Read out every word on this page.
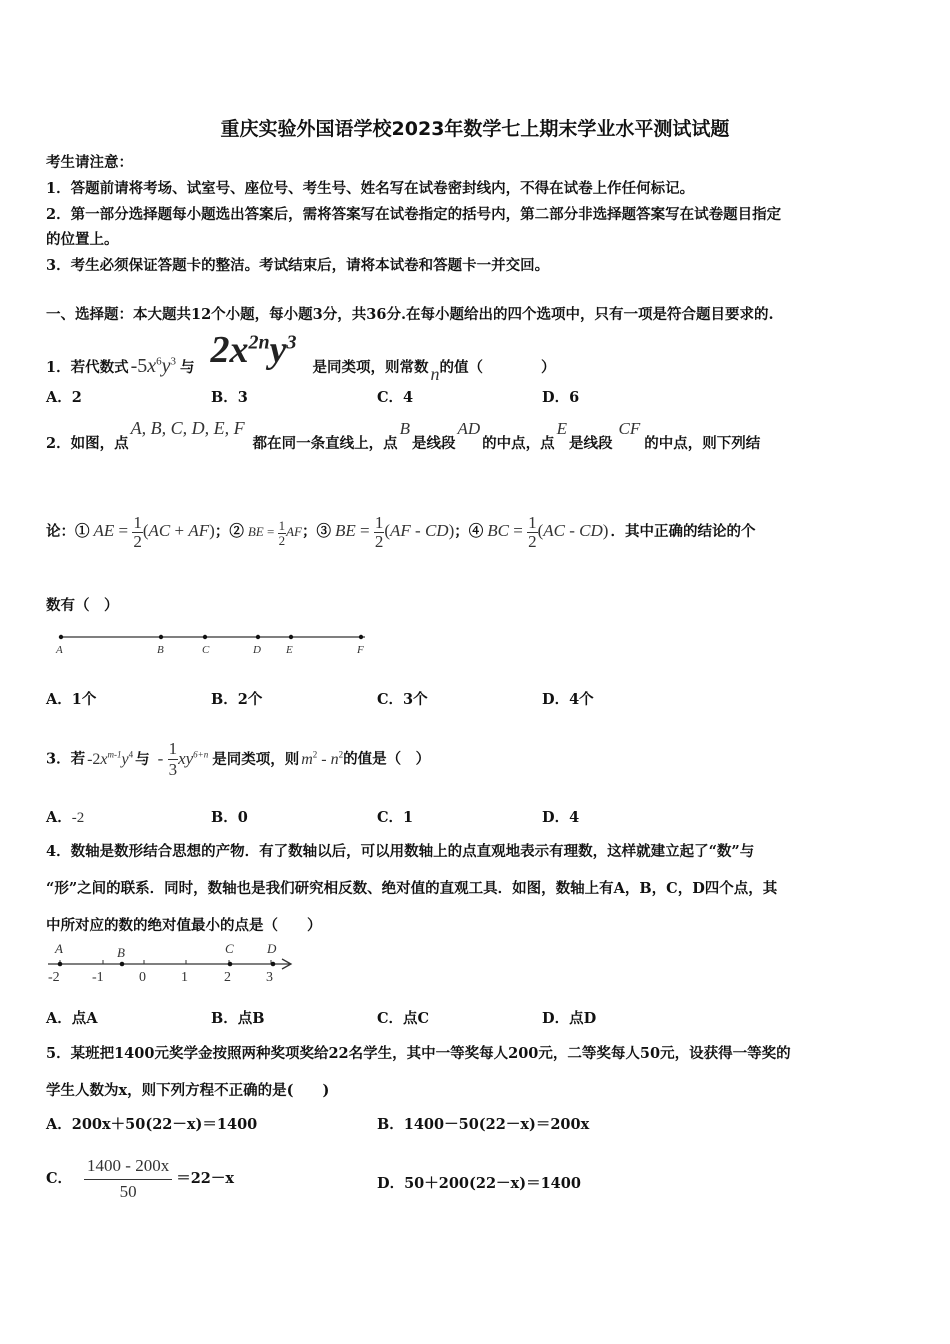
重庆实验外国语学校2023年数学七上期末学业水平测试试题
考生请注意：
1．答题前请将考场、试室号、座位号、考生号、姓名写在试卷密封线内，不得在试卷上作任何标记。
2．第一部分选择题每小题选出答案后，需将答案写在试卷指定的括号内，第二部分非选择题答案写在试卷题目指定
的位置上。
3．考生必须保证答题卡的整洁。考试结束后，请将本试卷和答题卡一并交回。
一、选择题：本大题共12个小题，每小题3分，共36分.在每小题给出的四个选项中，只有一项是符合题目要求的.
1．若代数式 $-5x^6y^3$ 与 $2x^{2n}y^3$是同类项，则常数 n的值（　　　　）
A．2	B．3	C．4	D．6
2．如图，点A, B, C, D, E, F都在同一条直线上，点B是线段AD的中点，点E是线段CF的中点，则下列结
论：① AE = $\frac{1}{2} (AC + AF)$；② BE = $\frac{1}{2}$ AF；③ BE = $\frac{1}{2} (AF - CD)$；④ BC = $\frac{1}{2} (AC - CD)$ ．其中正确的结论的个
数有（　）
A	B	C	D E	F
A．1个	B．2个	C．3个	D．4个
3．若 $-2x^{m-1}y^4$ 与 - $\frac{1}{3} xy^{6+n}$ 是同类项，则 $m^2 - n^2$的值是（　）
A．-2	B．0	C．1	D．4
4．数轴是数形结合思想的产物．有了数轴以后，可以用数轴上的点直观地表示有理数，这样就建立起了“数”与
“形”之间的联系．同时，数轴也是我们研究相反数、绝对值的直观工具．如图，数轴上有A，B，C，D四个点，其
中所对应的数的绝对值最小的点是（　　）
A	B	C	D
-2 -1	0	1	2	3
A．点A	B．点B	C．点C	D．点D
5．某班把1400元奖学金按照两种奖项奖给22名学生，其中一等奖每人200元，二等奖每人50元，设获得一等奖的
学生人数为x，则下列方程不正确的是(　　)
A．200x＋50(22－x)＝1400	B．1400－50(22－x)＝200x
C． $\frac{1400 - 200x}{50} =22-x$	D．50＋200(22－x)＝1400
